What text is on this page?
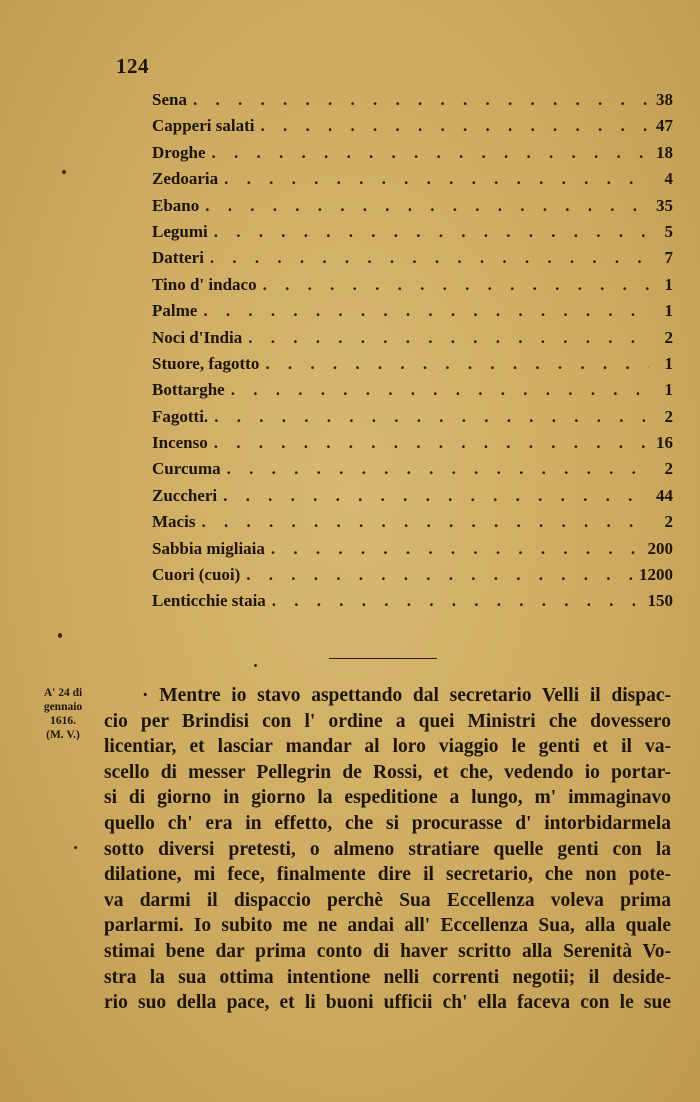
124
Sena . . .	38
Capperi salati . . .	47
Droghe . . .	18
Zedoaria . . .	4
Ebano . . .	35
Legumi . . .	5
Datteri . . .	7
Tino d' indaco . . .	1
Palme . . .	1
Noci d'India . . .	2
Stuore, fagotto . . .	1
Bottarghe . . .	1
Fagotti. . . .	2
Incenso . . .	16
Curcuma . . .	2
Zuccheri . . .	44
Macis . . .	2
Sabbia migliaia . . .	200
Cuori (cuoi) . . .	1200
Lenticchie staia . . .	150
A' 24 di
gennaio
1616.
(M. V.)
· Mentre io stavo aspettando dal secretario Velli il dispac-
cio per Brindisi con l' ordine a quei Ministri che dovessero
licentiar, et lasciar mandar al loro viaggio le genti et il va-
scello di messer Pellegrin de Rossi, et che, vedendo io portar-
si di giorno in giorno la espeditione a lungo, m' immaginavo
quello ch' era in effetto, che si procurasse d' intorbidarmela
sotto diversi pretesti, o almeno stratiare quelle genti con la
dilatione, mi fece, finalmente dire il secretario, che non pote-
va darmi il dispaccio perchè Sua Eccellenza voleva prima
parlarmi. Io subito me ne andai all' Eccellenza Sua, alla quale
stimai bene dar prima conto di haver scritto alla Serenità Vo-
stra la sua ottima intentione nelli correnti negotii; il deside-
rio suo della pace, et li buoni ufficii ch' ella faceva con le sue
